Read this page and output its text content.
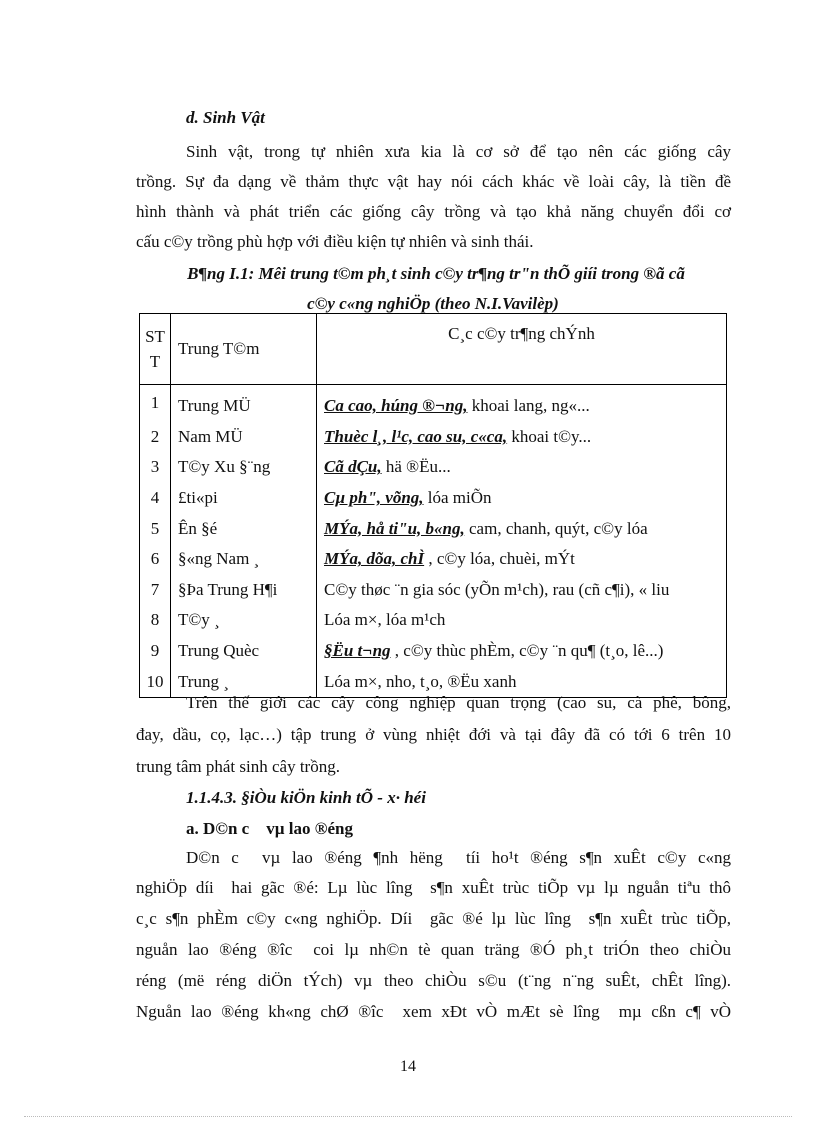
d. Sinh Vật
Sinh vật, trong tự nhiên xưa kia là cơ sở để tạo nên các giống cây
trồng. Sự đa dạng về thảm thực vật hay nói cách khác về loài cây, là tiền đề
hình thành và phát triển các giống cây trồng và tạo khả năng chuyển đổi cơ
cấu c©y trồng phù hợp với điều kiện tự nhiên và sinh thái.
B¶ng I.1: Mêi trung t©m ph¸t sinh c©y tr¶ng tr"n thÕ giíi trong ®ã cã
c©y c«ng nghiÖp (theo N.I.Vavilèp)
ST
T	Trung T©m	C¸c c©y tr¶ng chÝnh
1	Trung MÜ	Ca cao, húng ®¬ng, khoai lang, ng«...
2	Nam MÜ	Thuèc l¸, l¹c, cao su, c«ca, khoai t©y...
3	T©y Xu §¨ng	Cã dÇu, hä ®Ëu...
4	£ti«pi	Cµ ph", võng, lóa miÕn
5	Ên §é	MÝa, hå ti"u, b«ng, cam, chanh, quýt, c©y lóa
6	§«ng Nam ¸	MÝa, dõa, chÌ , c©y lóa, chuèi, mÝt
7	§Þa Trung H¶i	C©y thøc ¨n gia sóc (yÕn m¹ch), rau (cñ c¶i), « liu
8	T©y ¸	Lóa m×, lóa m¹ch
9	Trung Quèc	§Ëu t¬ng , c©y thùc phÈm, c©y ¨n qu¶ (t¸o, lê...)
10	Trung ¸	Lóa m×, nho, t¸o, ®Ëu xanh
Trên thế giới các cây công nghiệp quan trọng (cao su, cà phê, bông,
đay, dầu, cọ, lạc…) tập trung ở vùng nhiệt đới và tại đây đã có tới 6 trên 10
trung tâm phát sinh cây trồng.
1.1.4.3. §iÒu kiÖn kinh tÕ - x· héi
a. D©n c    vµ lao ®éng
D©n c  vµ lao ®éng ¶nh hëng  tíi ho¹t ®éng s¶n xuÊt c©y c«ng
nghiÖp díi  hai gãc ®é: Lµ lùc lîng  s¶n xuÊt trùc tiÕp vµ lµ nguån tiªu thô
c¸c s¶n phÈm c©y c«ng nghiÖp. Díi  gãc ®é lµ lùc lîng  s¶n xuÊt trùc tiÕp,
nguån lao ®éng ®îc  coi lµ nh©n tè quan träng ®Ó ph¸t triÓn theo chiÒu
réng (më réng diÖn tÝch) vµ theo chiÒu s©u (t¨ng n¨ng suÊt, chÊt lîng).
Nguån lao ®éng kh«ng chØ ®îc  xem xÐt vÒ mÆt sè lîng  mµ cßn c¶ vÒ
14
